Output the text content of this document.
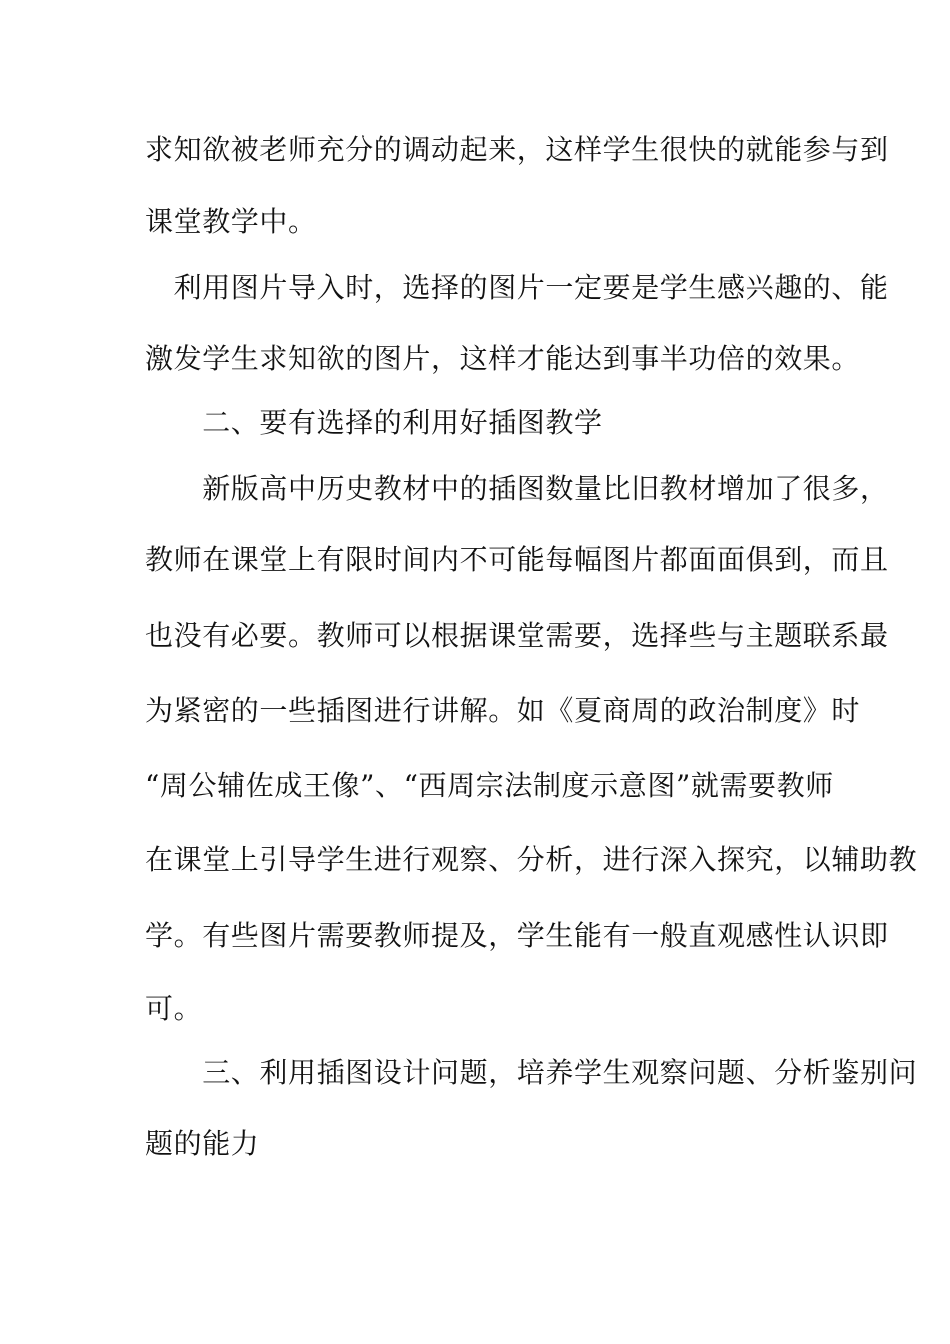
求知欲被老师充分的调动起来，这样学生很快的就能参与到
课堂教学中。
　利用图片导入时，选择的图片一定要是学生感兴趣的、能
激发学生求知欲的图片，这样才能达到事半功倍的效果。
　　二、要有选择的利用好插图教学
　　新版高中历史教材中的插图数量比旧教材增加了很多，
教师在课堂上有限时间内不可能每幅图片都面面俱到，而且
也没有必要。教师可以根据课堂需要，选择些与主题联系最
为紧密的一些插图进行讲解。如《夏商周的政治制度》时
“周公辅佐成王像”、“西周宗法制度示意图”就需要教师
在课堂上引导学生进行观察、分析，进行深入探究，以辅助教
学。有些图片需要教师提及，学生能有一般直观感性认识即
可。
　　三、利用插图设计问题，培养学生观察问题、分析鉴别问
题的能力
